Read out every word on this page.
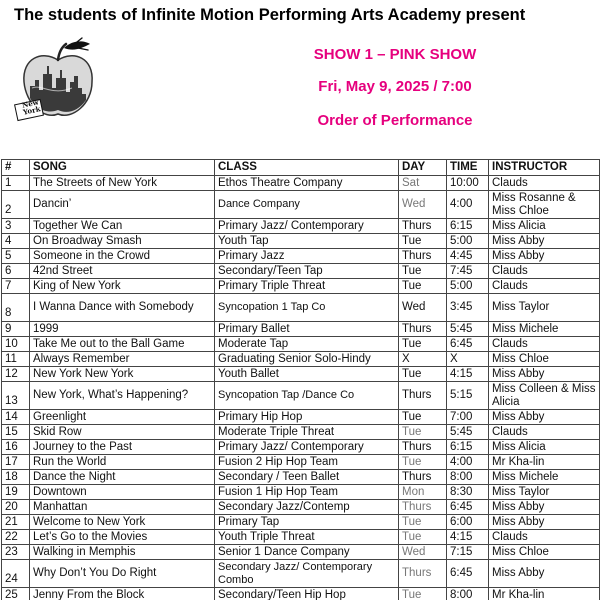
The students of Infinite Motion Performing Arts Academy present
New York
SHOW 1 – PINK SHOW
Fri, May 9, 2025 / 7:00
Order of Performance
#	SONG	CLASS	DAY	TIME	INSTRUCTOR
1	The Streets of New York	Ethos Theatre Company	Sat	10:00	Clauds
2	Dancin’	Dance Company	Wed	4:00	Miss Rosanne & Miss Chloe
3	Together We Can	Primary Jazz/ Contemporary	Thurs	6:15	Miss Alicia
4	On Broadway Smash	Youth Tap	Tue	5:00	Miss Abby
5	Someone in the Crowd	Primary Jazz	Thurs	4:45	Miss Abby
6	42nd Street	Secondary/Teen Tap	Tue	7:45	Clauds
7	King of New York	Primary Triple Threat	Tue	5:00	Clauds
8	I Wanna Dance with Somebody	Syncopation 1 Tap Co	Wed	3:45	Miss Taylor
9	1999	Primary Ballet	Thurs	5:45	Miss Michele
10	Take Me out to the Ball Game	Moderate Tap	Tue	6:45	Clauds
11	Always Remember	Graduating Senior Solo-Hindy	X	X	Miss Chloe
12	New York New York	Youth Ballet	Tue	4:15	Miss Abby
13	New York, What’s Happening?	Syncopation Tap /Dance Co	Thurs	5:15	Miss Colleen & Miss Alicia
14	Greenlight	Primary Hip Hop	Tue	7:00	Miss Abby
15	Skid Row	Moderate Triple Threat	Tue	5:45	Clauds
16	Journey to the Past	Primary Jazz/ Contemporary	Thurs	6:15	Miss Alicia
17	Run the World	Fusion 2 Hip Hop Team	Tue	4:00	Mr Kha-lin
18	Dance the Night	Secondary / Teen Ballet	Thurs	8:00	Miss Michele
19	Downtown	Fusion 1 Hip Hop Team	Mon	8:30	Miss Taylor
20	Manhattan	Secondary Jazz/Contemp	Thurs	6:45	Miss Abby
21	Welcome to New York	Primary Tap	Tue	6:00	Miss Abby
22	Let’s Go to the Movies	Youth Triple Threat	Tue	4:15	Clauds
23	Walking in Memphis	Senior 1 Dance Company	Wed	7:15	Miss Chloe
24	Why Don’t You Do Right	Secondary Jazz/ Contemporary Combo	Thurs	6:45	Miss Abby
25	Jenny From the Block	Secondary/Teen Hip Hop	Tue	8:00	Mr Kha-lin
